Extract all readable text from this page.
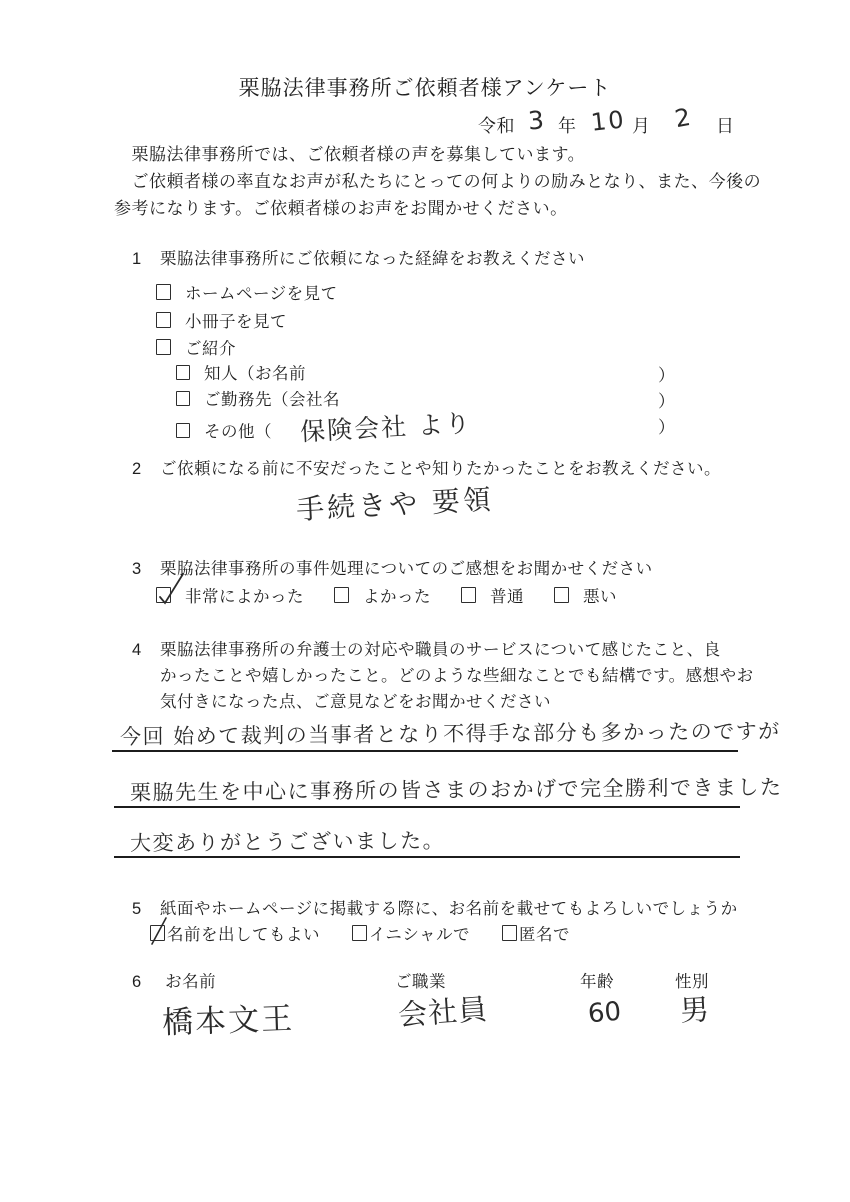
栗脇法律事務所ご依頼者様アンケート
令和 3 年 10 月 2 日
　栗脇法律事務所では、ご依頼者様の声を募集しています。
　ご依頼者様の率直なお声が私たちにとっての何よりの励みとなり、また、今後の
参考になります。ご依頼者様のお声をお聞かせください。
1 栗脇法律事務所にご依頼になった経緯をお教えください
ホームページを見て
小冊子を見て
ご紹介
知人（お名前	）
ご勤務先（会社名	）
その他（ 保険会社 より	）
2 ご依頼になる前に不安だったことや知りたかったことをお教えください。
手続きや 要領
3 栗脇法律事務所の事件処理についてのご感想をお聞かせください
非常によかった	よかった	普通	悪い
4 栗脇法律事務所の弁護士の対応や職員のサービスについて感じたこと、良
かったことや嬉しかったこと。どのような些細なことでも結構です。感想やお
気付きになった点、ご意見などをお聞かせください
今回 始めて裁判の当事者となり不得手な部分も多かったのですが
栗脇先生を中心に事務所の皆さまのおかげで完全勝利できました
大変ありがとうございました。
5 紙面やホームページに掲載する際に、お名前を載せてもよろしいでしょうか
名前を出してもよい	イニシャルで	匿名で
6 お名前	ご職業	年齢	性別
橋本文王	会社員	60 男
